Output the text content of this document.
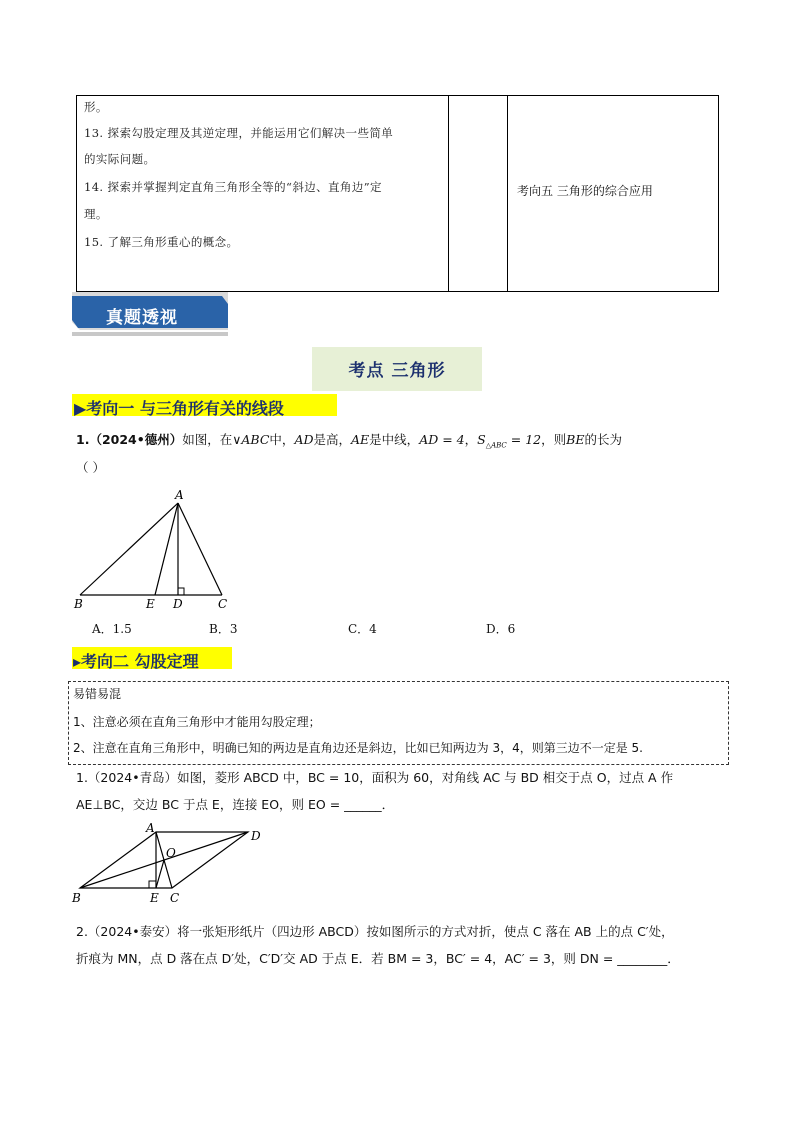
形。
13. 探索勾股定理及其逆定理，并能运用它们解决一些简单
的实际问题。
14. 探索并掌握判定直角三角形全等的“斜边、直角边”定
理。
15. 了解三角形重心的概念。
考向五 三角形的综合应用
真题透视
考点 三角形
▶考向一 与三角形有关的线段
1.（2024•德州）如图，在∨ABC中，AD是高，AE是中线，AD = 4，$S_{\triangle ABC} = 12$，则BE的长为
（ ）
A
B	E D	C
A．1.5	B．3	C．4	D．6
▸考向二 勾股定理
易错易混
1、注意必须在直角三角形中才能用勾股定理；
2、注意在直角三角形中，明确已知的两边是直角边还是斜边，比如已知两边为 3，4，则第三边不一定是 5.
1.（2024•青岛）如图，菱形 ABCD 中，BC = 10，面积为 60，对角线 AC 与 BD 相交于点 O，过点 A 作
AE⊥BC，交边 BC 于点 E，连接 EO，则 EO = ______．
A
O
D
B	E C
2.（2024•泰安）将一张矩形纸片（四边形 ABCD）按如图所示的方式对折，使点 C 落在 AB 上的点 C′处，
折痕为 MN，点 D 落在点 D′处，C′D′交 AD 于点 E．若 BM = 3，BC′ = 4，AC′ = 3，则 DN = ________．
